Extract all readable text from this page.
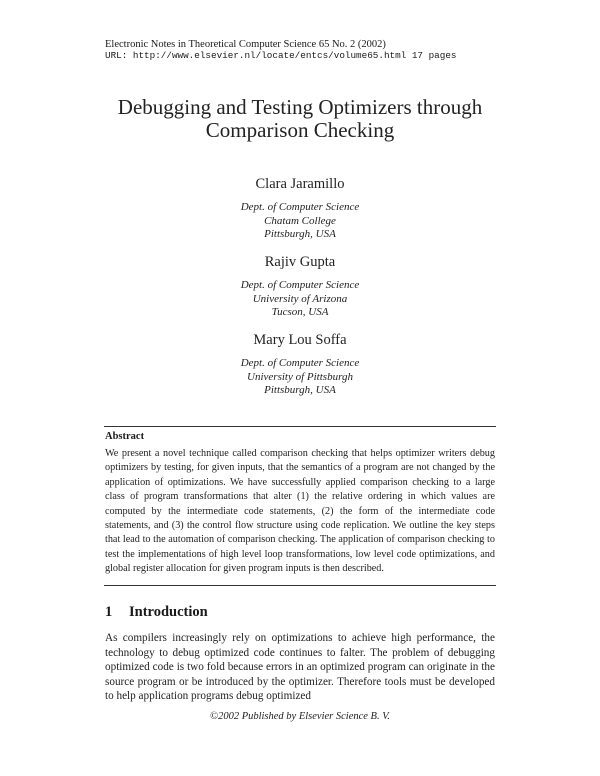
Electronic Notes in Theoretical Computer Science 65 No. 2 (2002)
URL: http://www.elsevier.nl/locate/entcs/volume65.html 17 pages
Debugging and Testing Optimizers through
Comparison Checking
Clara Jaramillo
Dept. of Computer Science
Chatam College
Pittsburgh, USA
Rajiv Gupta
Dept. of Computer Science
University of Arizona
Tucson, USA
Mary Lou Soffa
Dept. of Computer Science
University of Pittsburgh
Pittsburgh, USA
Abstract
We present a novel technique called comparison checking that helps optimizer writers debug optimizers by testing, for given inputs, that the semantics of a program are not changed by the application of optimizations. We have successfully applied comparison checking to a large class of program transformations that alter (1) the relative ordering in which values are computed by the intermediate code statements, (2) the form of the intermediate code statements, and (3) the control flow structure using code replication. We outline the key steps that lead to the automation of comparison checking. The application of comparison checking to test the implementations of high level loop transformations, low level code optimizations, and global register allocation for given program inputs is then described.
1 Introduction
As compilers increasingly rely on optimizations to achieve high performance, the technology to debug optimized code continues to falter. The problem of debugging optimized code is two fold because errors in an optimized program can originate in the source program or be introduced by the optimizer. Therefore tools must be developed to help application programs debug optimized
©2002 Published by Elsevier Science B. V.
